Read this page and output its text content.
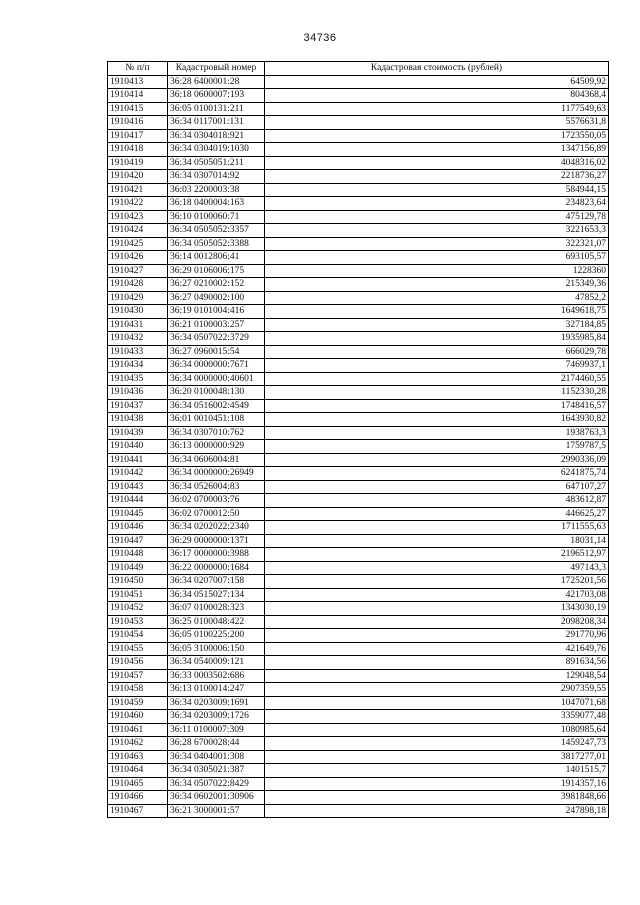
34736
№ п/п	Кадастровый номер	Кадастровая стоимость (рублей)
1910413	36:28 6400001:28	64509,92
1910414	36:18 0600007:193	804368,4
1910415	36:05 0100131:211	1177549,63
1910416	36:34 0117001:131	5576631,8
1910417	36:34 0304018:921	1723550,05
1910418	36:34 0304019:1030	1347156,89
1910419	36:34 0505051:211	4048316,02
1910420	36:34 0307014:92	2218736,27
1910421	36:03 2200003:38	584944,15
1910422	36:18 0400004:163	234823,64
1910423	36:10 0100060:71	475129,78
1910424	36:34 0505052:3357	3221653,3
1910425	36:34 0505052:3388	322321,07
1910426	36:14 0012806:41	693105,57
1910427	36:29 0106006:175	1228360
1910428	36:27 0210002:152	215349,36
1910429	36:27 0490002:100	47852,2
1910430	36:19 0101004:416	1649618,75
1910431	36:21 0100003:257	327184,85
1910432	36:34 0507022:3729	1935985,84
1910433	36:27 0960015:54	666029,78
1910434	36:34 0000000:7671	7469937,1
1910435	36:34 0000000:40601	2174460,55
1910436	36:20 0100048:130	1152330,28
1910437	36:34 0516002:4549	1748416,57
1910438	36:01 0010451:108	1643930,82
1910439	36:34 0307010:762	1938763,3
1910440	36:13 0000000:929	1759787,5
1910441	36:34 0606004:81	2990336,09
1910442	36:34 0000000:26949	6241875,74
1910443	36:34 0526004:83	647107,27
1910444	36:02 0700003:76	483612,87
1910445	36:02 0700012:50	446625,27
1910446	36:34 0202022:2340	1711555,63
1910447	36:29 0000000:1371	18031,14
1910448	36:17 0000000:3988	2196512,97
1910449	36:22 0000000:1684	497143,3
1910450	36:34 0207007:158	1725201,56
1910451	36:34 0515027:134	421703,08
1910452	36:07 0100028:323	1343030,19
1910453	36:25 0100048:422	2098208,34
1910454	36:05 0100225:200	291770,96
1910455	36:05 3100006:150	421649,76
1910456	36:34 0540009:121	891634,56
1910457	36:33 0003502:686	129048,54
1910458	36:13 0100014:247	2907359,55
1910459	36:34 0203009:1691	1047071,68
1910460	36:34 0203009:1726	3359077,48
1910461	36:11 0100007:309	1080985,64
1910462	36:28 6700028:44	1459247,73
1910463	36:34 0404001:308	3817277,01
1910464	36:34 0305021:387	1401515,7
1910465	36:34 0507022:8429	1914357,16
1910466	36:34 0602001:30906	3981848,66
1910467	36:21 3000001:57	247898,18
